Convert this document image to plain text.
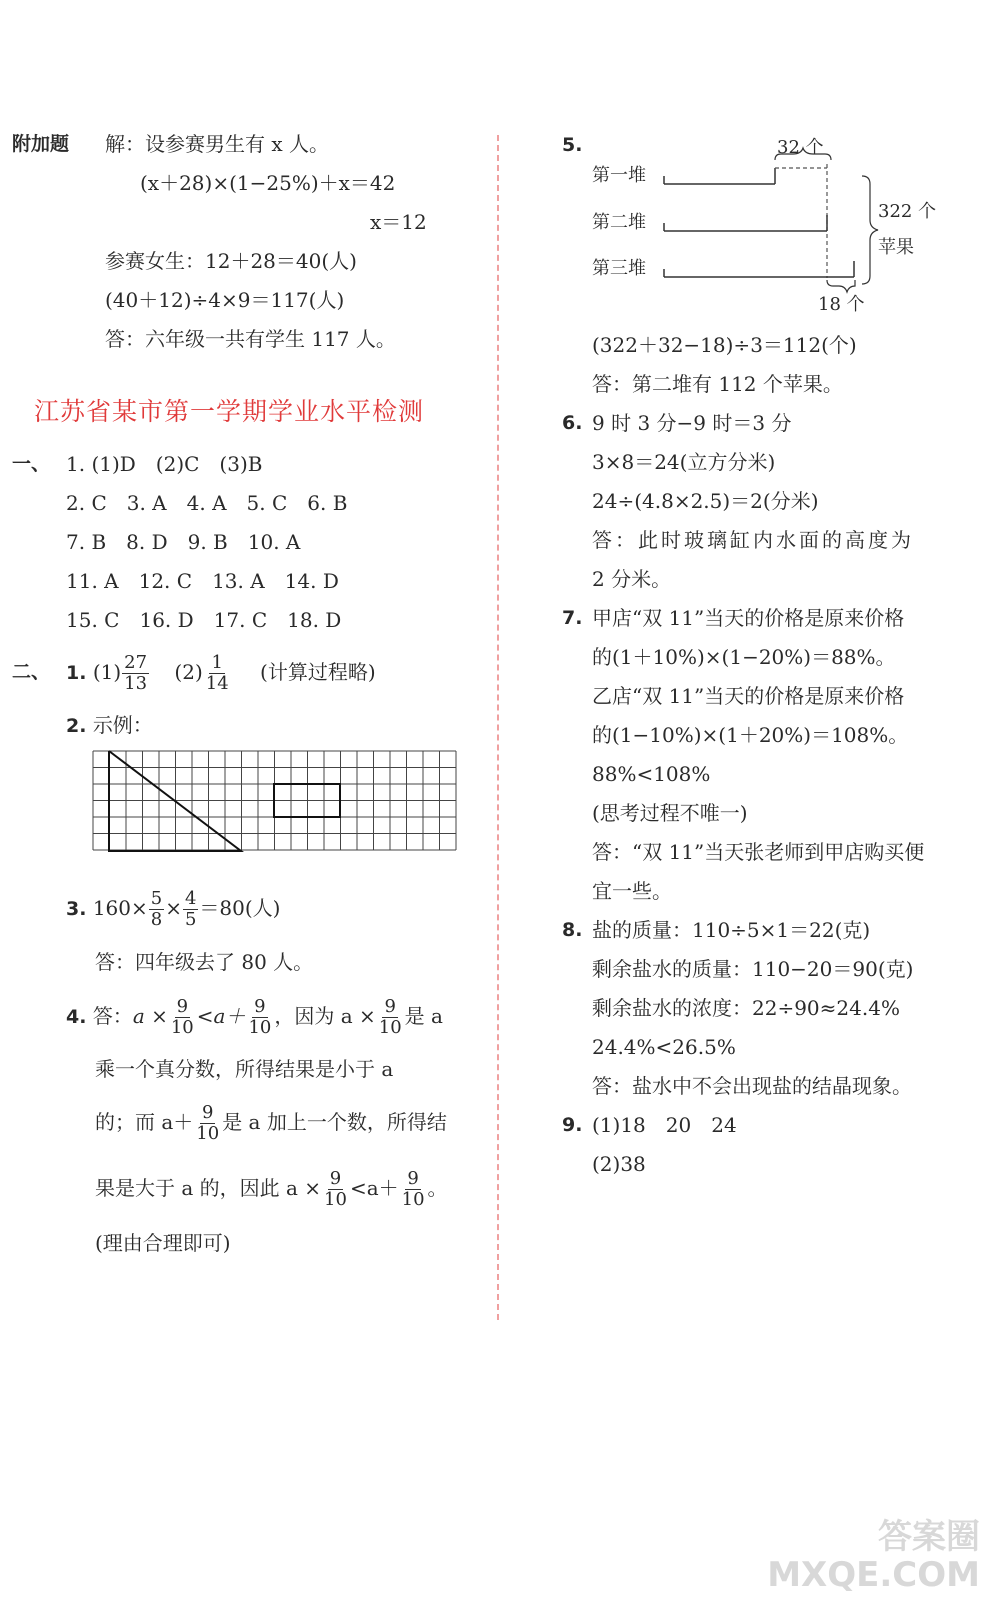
附加题 解：设参赛男生有 x 人。
(x＋28)×(1−25%)＋x＝42
x＝12
参赛女生：12＋28＝40(人)
(40＋12)÷4×9＝117(人)
答：六年级一共有学生 117 人。
江苏省某市第一学期学业水平检测
一、 1. (1)D　(2)C　(3)B
2. C　3. A　4. A　5. C　6. B
7. B　8. D　9. B　10. A
11. A　12. C　13. A　14. D
15. C　16. D　17. C　18. D
二、 1. $(1) \frac{27}{13} (2) \frac{1}{14}$ (计算过程略)
2. 示例：
3. $160\times \frac{5}{8} \times \frac{4}{5} =80$(人)
答：四年级去了 80 人。
4. 答：$a \times \frac{9}{10} <a+ \frac{9}{10}$ ，因为 $a \times \frac{9}{10}$ 是 a
乘一个真分数，所得结果是小于 a
的；而 $a+ \frac{9}{10}$ 是 a 加上一个数，所得结
果是大于 a 的，因此 $a \times \frac{9}{10} <a+ \frac{9}{10}$ 。
(理由合理即可)
5.	32 个
第一堆
第二堆
第三堆
18 个
322 个
苹果
(322＋32−18)÷3＝112(个)
答：第二堆有 112 个苹果。
6. 9 时 3 分−9 时＝3 分
3×8＝24(立方分米)
24÷(4.8×2.5)＝2(分米)
答：此时玻璃缸内水面的高度为
2 分米。
7. 甲店“双 11”当天的价格是原来价格
的(1＋10%)×(1−20%)＝88%。
乙店“双 11”当天的价格是原来价格
的(1−10%)×(1＋20%)＝108%。
88%<108%
(思考过程不唯一)
答：“双 11”当天张老师到甲店购买便
宜一些。
8. 盐的质量：110÷5×1＝22(克)
剩余盐水的质量：110−20＝90(克)
剩余盐水的浓度：22÷90≈24.4%
24.4%<26.5%
答：盐水中不会出现盐的结晶现象。
9. (1)18　20　24
(2)38
答案圈
MXQE.COM
